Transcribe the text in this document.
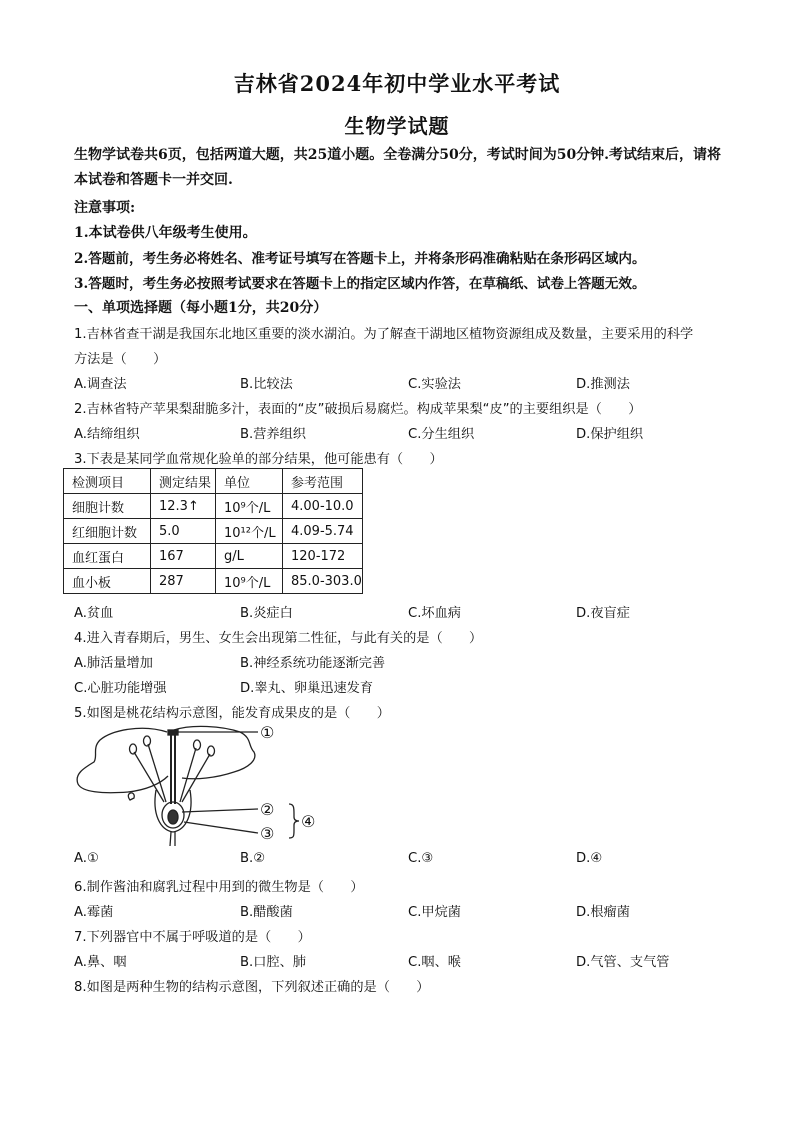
吉林省2024年初中学业水平考试
生物学试题
生物学试卷共6页，包括两道大题，共25道小题。全卷满分50分，考试时间为50分钟.考试结束后，请将本试卷和答题卡一并交回.
注意事项:
1.本试卷供八年级考生使用。
2.答题前，考生务必将姓名、准考证号填写在答题卡上，并将条形码准确粘贴在条形码区域内。
3.答题时，考生务必按照考试要求在答题卡上的指定区域内作答，在草稿纸、试卷上答题无效。
一、单项选择题（每小题1分，共20分）
1.吉林省查干湖是我国东北地区重要的淡水湖泊。为了解查干湖地区植物资源组成及数量，主要采用的科学
方法是（　　）
A.调查法	B.比较法	C.实验法	D.推测法
2.吉林省特产苹果梨甜脆多汁，表面的“皮”破损后易腐烂。构成苹果梨“皮”的主要组织是（　　）
A.结缔组织	B.营养组织	C.分生组织	D.保护组织
3.下表是某同学血常规化验单的部分结果，他可能患有（　　）
检测项目	测定结果	单位	参考范围
细胞计数	12.3↑	10⁹个/L	4.00-10.0
红细胞计数	5.0	10¹²个/L	4.09-5.74
血红蛋白	167	g/L	120-172
血小板	287	10⁹个/L	85.0-303.0
A.贫血	B.炎症白	C.坏血病	D.夜盲症
4.进入青春期后，男生、女生会出现第二性征，与此有关的是（　　）
A.肺活量增加	B.神经系统功能逐渐完善
C.心脏功能增强	D.睾丸、卵巢迅速发育
5.如图是桃花结构示意图，能发育成果皮的是（　　）
①
②
③
④
A.①	B.②	C.③	D.④
6.制作酱油和腐乳过程中用到的微生物是（　　）
A.霉菌	B.醋酸菌	C.甲烷菌	D.根瘤菌
7.下列器官中不属于呼吸道的是（　　）
A.鼻、咽	B.口腔、肺	C.咽、喉	D.气管、支气管
8.如图是两种生物的结构示意图，下列叙述正确的是（　　）
